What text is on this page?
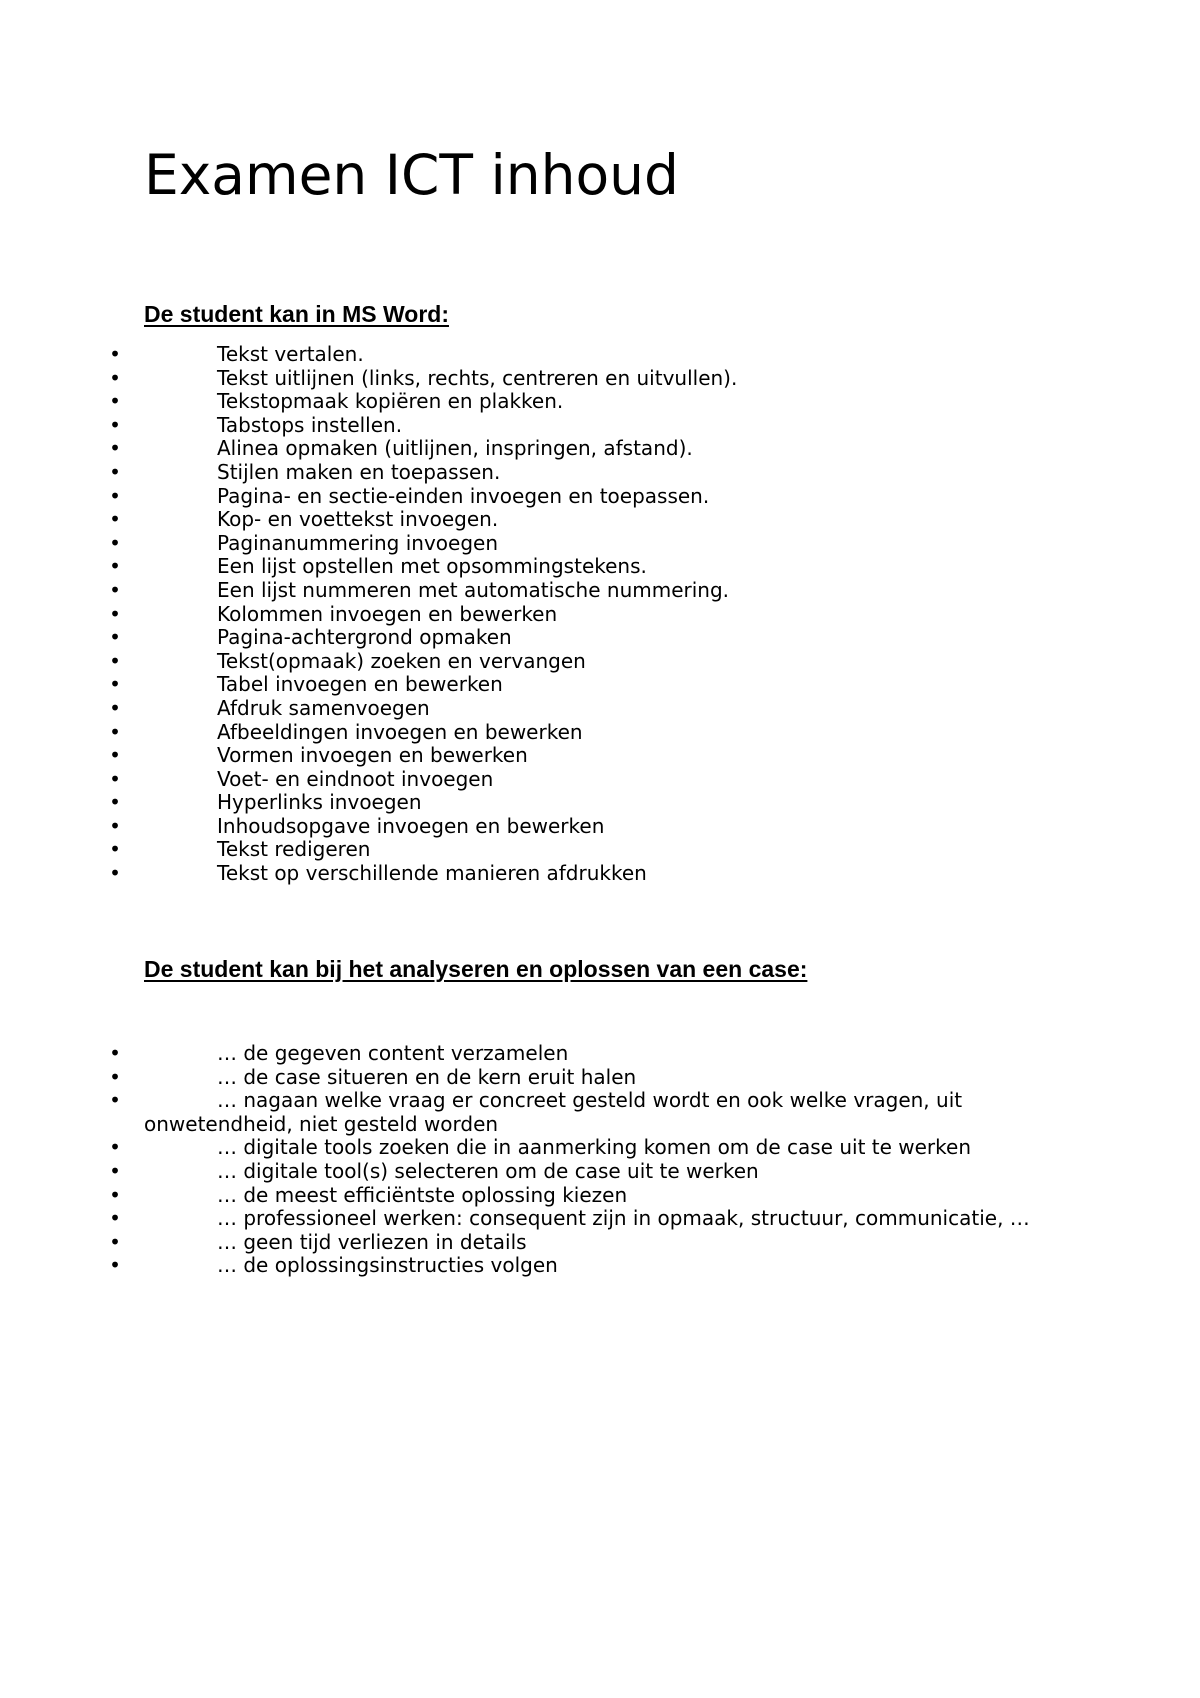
Examen ICT inhoud
De student kan in MS Word:
•	Tekst vertalen.
•	Tekst uitlijnen (links, rechts, centreren en uitvullen).
•	Tekstopmaak kopiëren en plakken.
•	Tabstops instellen.
•	Alinea opmaken (uitlijnen, inspringen, afstand).
•	Stijlen maken en toepassen.
•	Pagina- en sectie-einden invoegen en toepassen.
•	Kop- en voettekst invoegen.
•	Paginanummering invoegen
•	Een lijst opstellen met opsommingstekens.
•	Een lijst nummeren met automatische nummering.
•	Kolommen invoegen en bewerken
•	Pagina-achtergrond opmaken
•	Tekst(opmaak) zoeken en vervangen
•	Tabel invoegen en bewerken
•	Afdruk samenvoegen
•	Afbeeldingen invoegen en bewerken
•	Vormen invoegen en bewerken
•	Voet- en eindnoot invoegen
•	Hyperlinks invoegen
•	Inhoudsopgave invoegen en bewerken
•	Tekst redigeren
•	Tekst op verschillende manieren afdrukken
De student kan bij het analyseren en oplossen van een case:
•	… de gegeven content verzamelen
•	… de case situeren en de kern eruit halen
•	… nagaan welke vraag er concreet gesteld wordt en ook welke vragen, uit onwetendheid, niet gesteld worden
•	… digitale tools zoeken die in aanmerking komen om de case uit te werken
•	… digitale tool(s) selecteren om de case uit te werken
•	… de meest efficiëntste oplossing kiezen
•	… professioneel werken: consequent zijn in opmaak, structuur, communicatie, …
•	… geen tijd verliezen in details
•	… de oplossingsinstructies volgen
